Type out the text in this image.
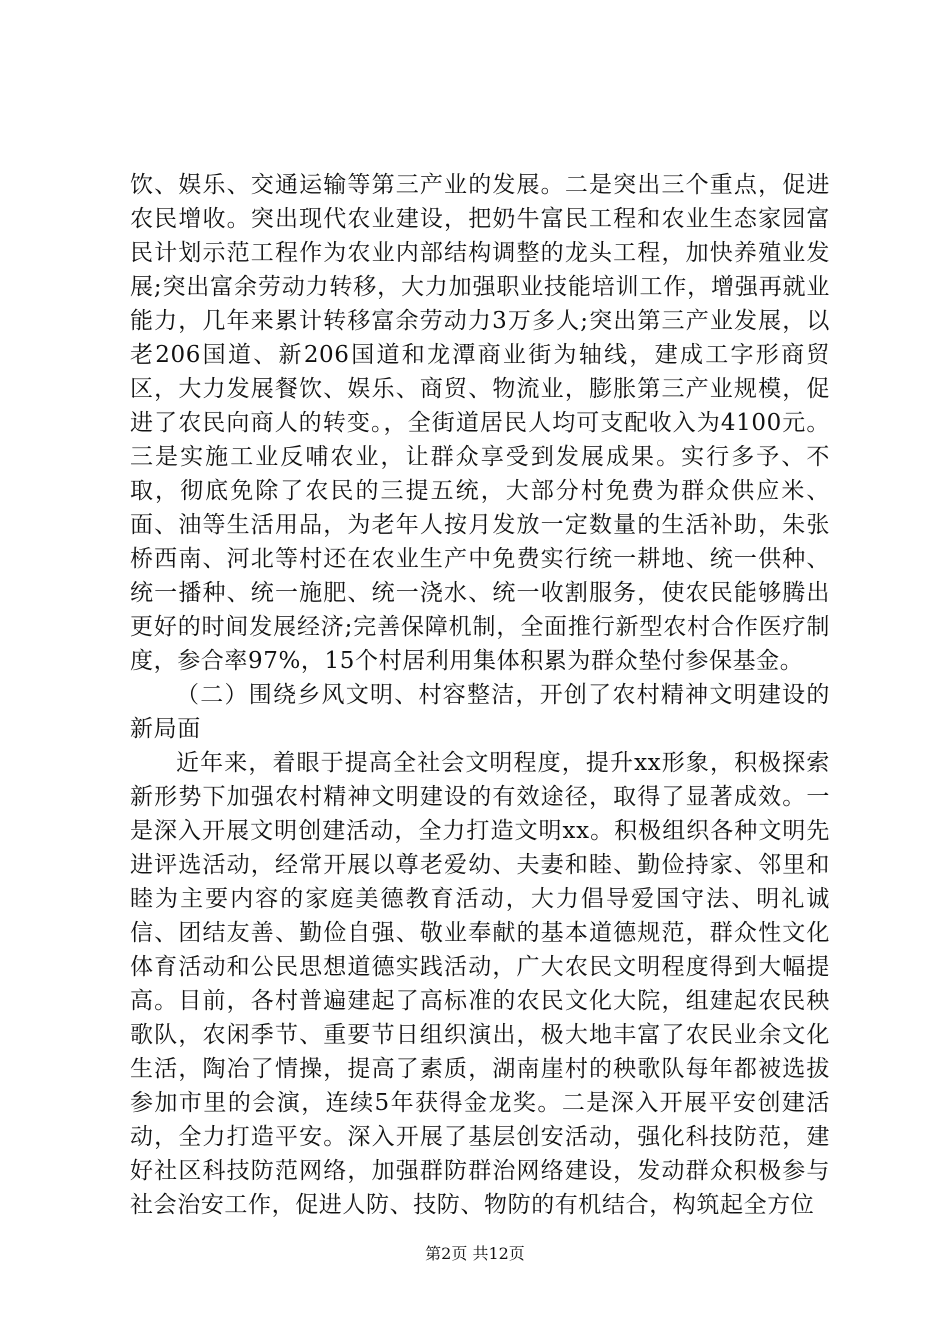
饮、娱乐、交通运输等第三产业的发展。二是突出三个重点，促进农民增收。突出现代农业建设，把奶牛富民工程和农业生态家园富民计划示范工程作为农业内部结构调整的龙头工程，加快养殖业发展;突出富余劳动力转移，大力加强职业技能培训工作，增强再就业能力，几年来累计转移富余劳动力3万多人;突出第三产业发展，以老206国道、新206国道和龙潭商业街为轴线，建成工字形商贸区，大力发展餐饮、娱乐、商贸、物流业，膨胀第三产业规模，促进了农民向商人的转变。，全街道居民人均可支配收入为4100元。三是实施工业反哺农业，让群众享受到发展成果。实行多予、不取，彻底免除了农民的三提五统，大部分村免费为群众供应米、面、油等生活用品，为老年人按月发放一定数量的生活补助，朱张桥西南、河北等村还在农业生产中免费实行统一耕地、统一供种、统一播种、统一施肥、统一浇水、统一收割服务，使农民能够腾出更好的时间发展经济;完善保障机制，全面推行新型农村合作医疗制度，参合率97%，15个村居利用集体积累为群众垫付参保基金。

（二）围绕乡风文明、村容整洁，开创了农村精神文明建设的新局面

近年来，着眼于提高全社会文明程度，提升xx形象，积极探索新形势下加强农村精神文明建设的有效途径，取得了显著成效。一是深入开展文明创建活动，全力打造文明xx。积极组织各种文明先进评选活动，经常开展以尊老爱幼、夫妻和睦、勤俭持家、邻里和睦为主要内容的家庭美德教育活动，大力倡导爱国守法、明礼诚信、团结友善、勤俭自强、敬业奉献的基本道德规范，群众性文化体育活动和公民思想道德实践活动，广大农民文明程度得到大幅提高。目前，各村普遍建起了高标准的农民文化大院，组建起农民秧歌队，农闲季节、重要节日组织演出，极大地丰富了农民业余文化生活，陶冶了情操，提高了素质，湖南崖村的秧歌队每年都被选拔参加市里的会演，连续5年获得金龙奖。二是深入开展平安创建活动，全力打造平安。深入开展了基层创安活动，强化科技防范，建好社区科技防范网络，加强群防群治网络建设，发动群众积极参与社会治安工作，促进人防、技防、物防的有机结合，构筑起全方位

第2页 共12页
